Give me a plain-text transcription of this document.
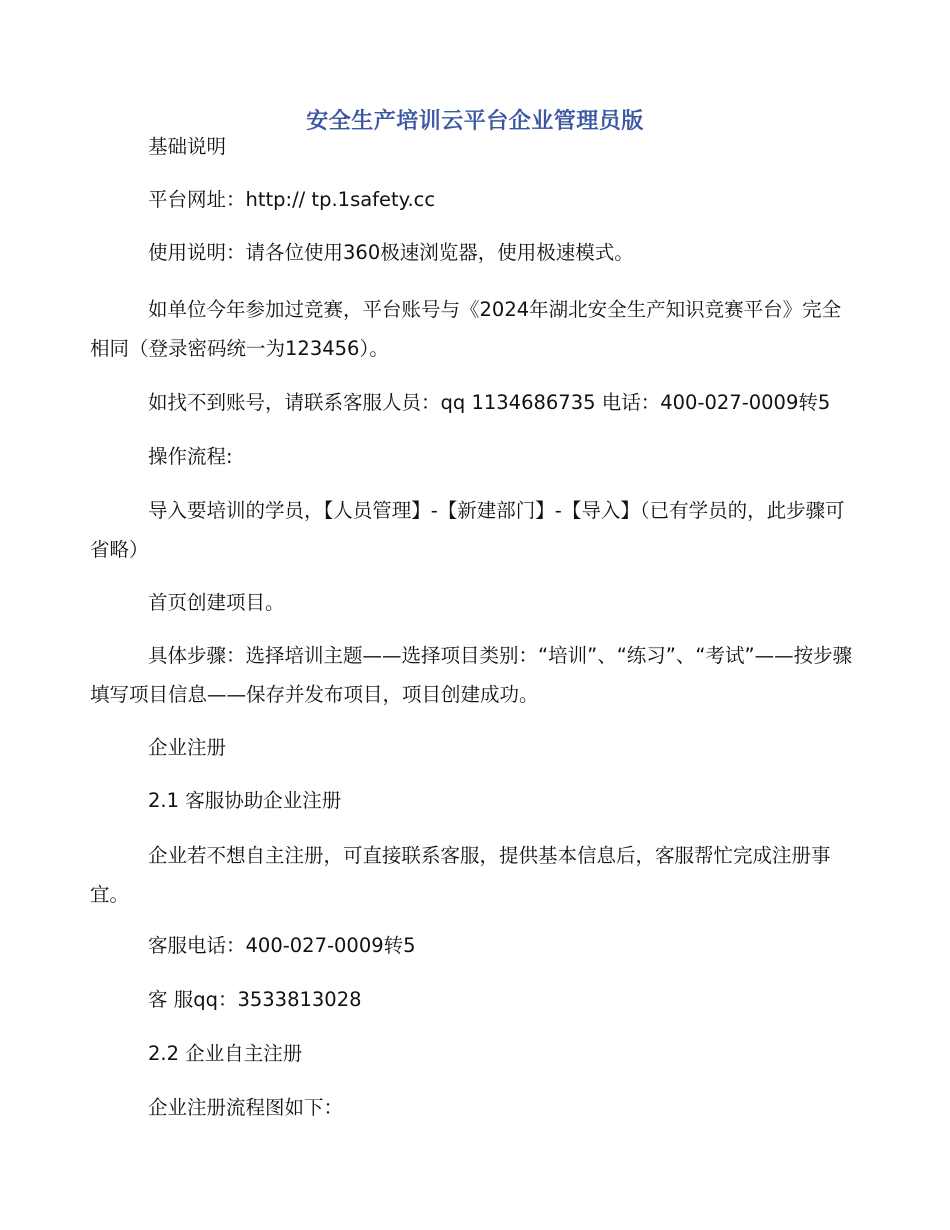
安全生产培训云平台企业管理员版
基础说明
平台网址：http:// tp.1safety.cc
使用说明：请各位使用360极速浏览器，使用极速模式。
如单位今年参加过竞赛，平台账号与《2024年湖北安全生产知识竞赛平台》完全相同（登录密码统一为123456）。
如找不到账号，请联系客服人员：qq 1134686735 电话：400-027-0009转5
操作流程:
导入要培训的学员，【人员管理】-【新建部门】-【导入】（已有学员的，此步骤可省略）
首页创建项目。
具体步骤：选择培训主题——选择项目类别：“培训”、“练习”、“考试”——按步骤填写项目信息——保存并发布项目，项目创建成功。
企业注册
2.1 客服协助企业注册
企业若不想自主注册，可直接联系客服，提供基本信息后，客服帮忙完成注册事宜。
客服电话：400-027-0009转5
客 服qq：3533813028
2.2 企业自主注册
企业注册流程图如下：
